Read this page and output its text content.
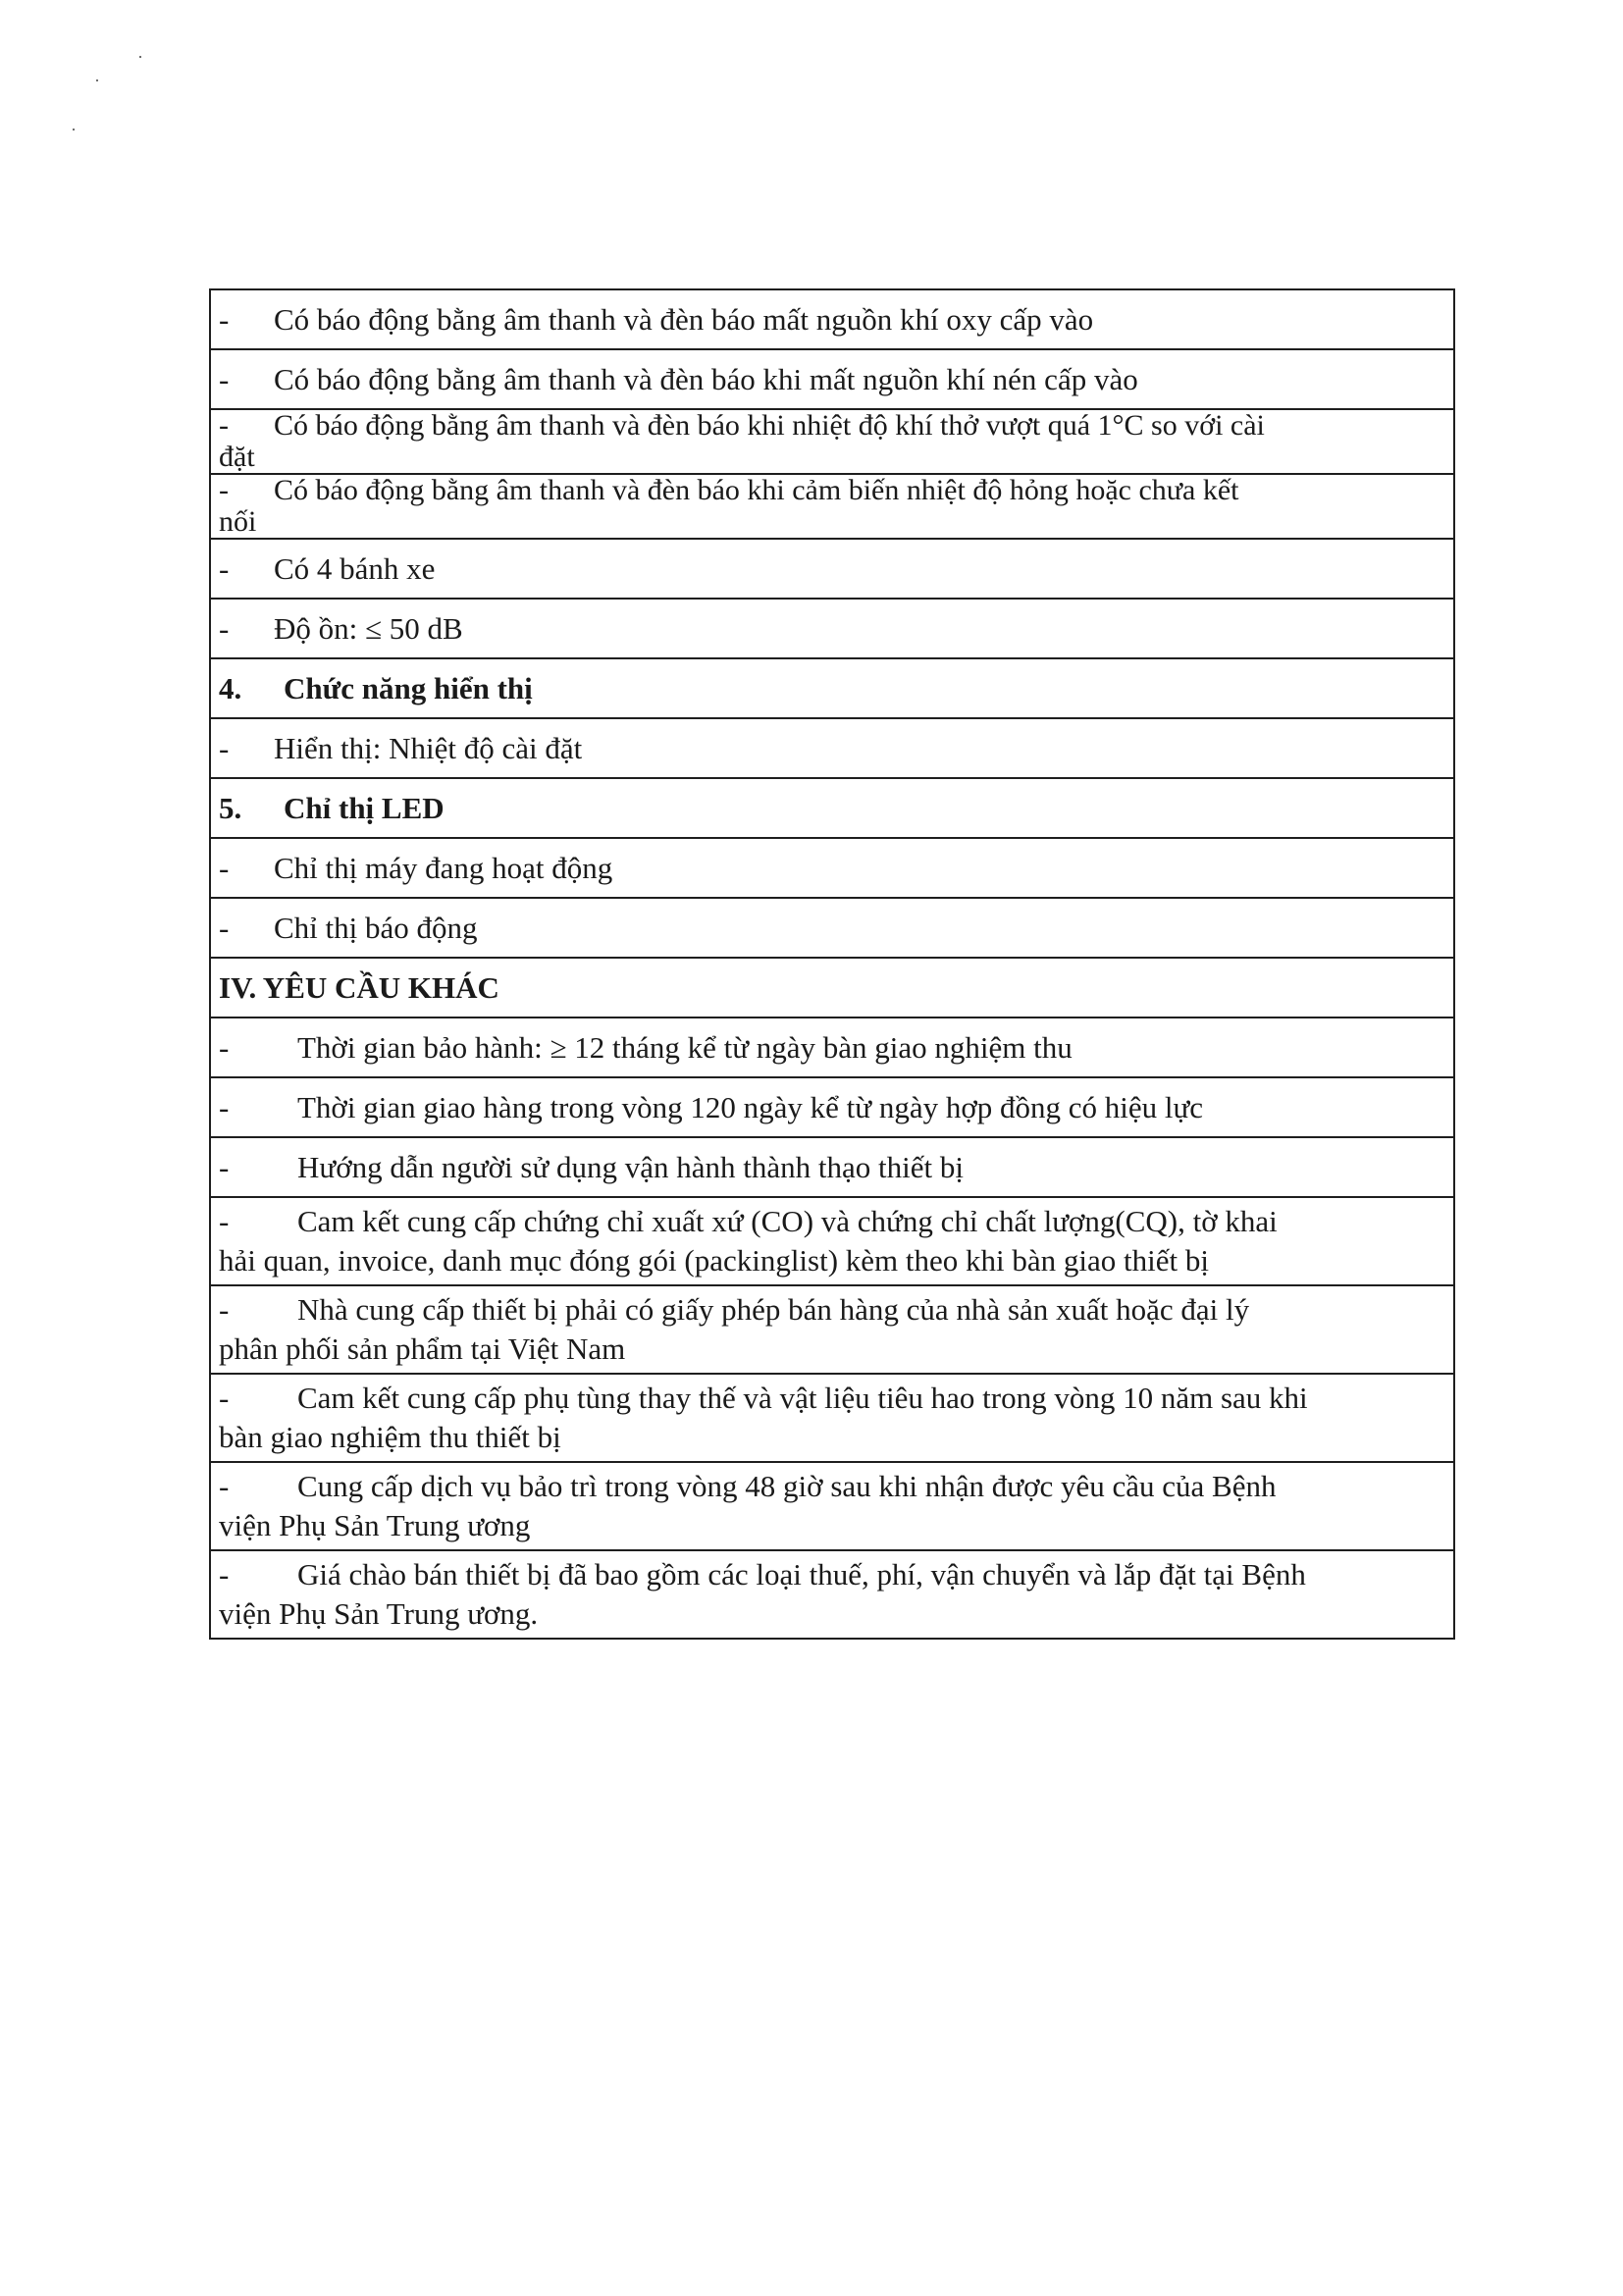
·
·
·
- Có báo động bằng âm thanh và đèn báo mất nguồn khí oxy cấp vào
- Có báo động bằng âm thanh và đèn báo khi mất nguồn khí nén cấp vào

- Có báo động bằng âm thanh và đèn báo khi nhiệt độ khí thở vượt quá 1°C so với cài
đặt

- Có báo động bằng âm thanh và đèn báo khi cảm biến nhiệt độ hỏng hoặc chưa kết
nối

- Có 4 bánh xe
- Độ ồn: ≤ 50 dB
4. Chức năng hiển thị
- Hiển thị: Nhiệt độ cài đặt
5. Chỉ thị LED
- Chỉ thị máy đang hoạt động
- Chỉ thị báo động
IV. YÊU CẦU KHÁC
- Thời gian bảo hành: ≥ 12 tháng kể từ ngày bàn giao nghiệm thu
- Thời gian giao hàng trong vòng 120 ngày kể từ ngày hợp đồng có hiệu lực
- Hướng dẫn người sử dụng vận hành thành thạo thiết bị

- Cam kết cung cấp chứng chỉ xuất xứ (CO) và chứng chỉ chất lượng(CQ), tờ khai
hải quan, invoice, danh mục đóng gói (packinglist) kèm theo khi bàn giao thiết bị

- Nhà cung cấp thiết bị phải có giấy phép bán hàng của nhà sản xuất hoặc đại lý
phân phối sản phẩm tại Việt Nam

- Cam kết cung cấp phụ tùng thay thế và vật liệu tiêu hao trong vòng 10 năm sau khi
bàn giao nghiệm thu thiết bị

- Cung cấp dịch vụ bảo trì trong vòng 48 giờ sau khi nhận được yêu cầu của Bệnh
viện Phụ Sản Trung ương

- Giá chào bán thiết bị đã bao gồm các loại thuế, phí, vận chuyển và lắp đặt tại Bệnh
viện Phụ Sản Trung ương.
